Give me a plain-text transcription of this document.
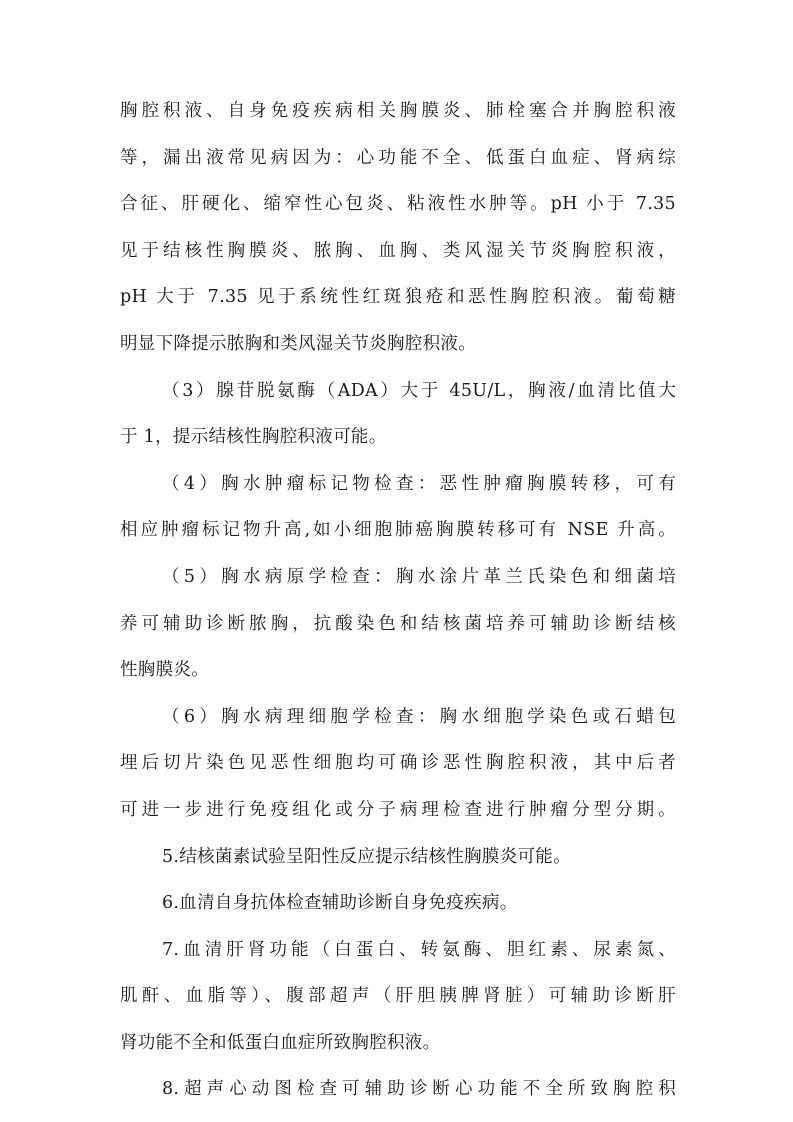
胸腔积液、自身免疫疾病相关胸膜炎、肺栓塞合并胸腔积液
等，漏出液常见病因为：心功能不全、低蛋白血症、肾病综
合征、肝硬化、缩窄性心包炎、粘液性水肿等。pH 小于 7.35
见于结核性胸膜炎、脓胸、血胸、类风湿关节炎胸腔积液，
pH 大于 7.35 见于系统性红斑狼疮和恶性胸腔积液。葡萄糖
明显下降提示脓胸和类风湿关节炎胸腔积液。
（3）腺苷脱氨酶（ADA）大于 45U/L，胸液/血清比值大
于 1，提示结核性胸腔积液可能。
（4）胸水肿瘤标记物检查：恶性肿瘤胸膜转移，可有
相应肿瘤标记物升高,如小细胞肺癌胸膜转移可有 NSE 升高。
（5）胸水病原学检查：胸水涂片革兰氏染色和细菌培
养可辅助诊断脓胸，抗酸染色和结核菌培养可辅助诊断结核
性胸膜炎。
（6）胸水病理细胞学检查：胸水细胞学染色或石蜡包
埋后切片染色见恶性细胞均可确诊恶性胸腔积液，其中后者
可进一步进行免疫组化或分子病理检查进行肿瘤分型分期。
5.结核菌素试验呈阳性反应提示结核性胸膜炎可能。
6.血清自身抗体检查辅助诊断自身免疫疾病。
7.血清肝肾功能（白蛋白、转氨酶、胆红素、尿素氮、
肌酐、血脂等）、腹部超声（肝胆胰脾肾脏）可辅助诊断肝
肾功能不全和低蛋白血症所致胸腔积液。
8.超声心动图检查可辅助诊断心功能不全所致胸腔积
